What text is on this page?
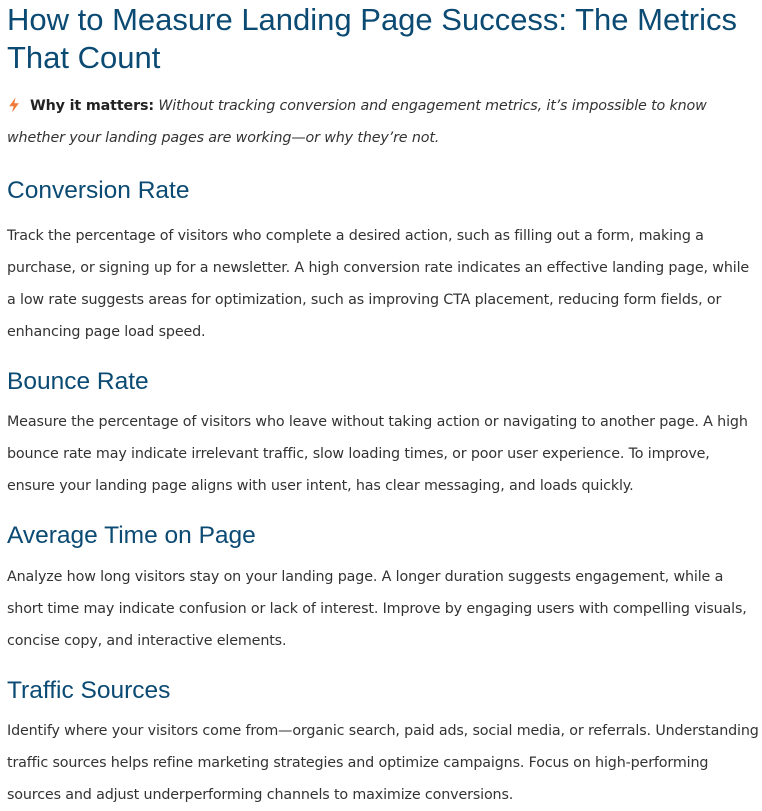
How to Measure Landing Page Success: The Metrics That Count

Why it matters: Without tracking conversion and engagement metrics, it’s impossible to know whether your landing pages are working—or why they’re not.

Conversion Rate

Track the percentage of visitors who complete a desired action, such as filling out a form, making a purchase, or signing up for a newsletter. A high conversion rate indicates an effective landing page, while a low rate suggests areas for optimization, such as improving CTA placement, reducing form fields, or enhancing page load speed.

Bounce Rate

Measure the percentage of visitors who leave without taking action or navigating to another page. A high bounce rate may indicate irrelevant traffic, slow loading times, or poor user experience. To improve, ensure your landing page aligns with user intent, has clear messaging, and loads quickly.

Average Time on Page

Analyze how long visitors stay on your landing page. A longer duration suggests engagement, while a short time may indicate confusion or lack of interest. Improve by engaging users with compelling visuals, concise copy, and interactive elements.

Traffic Sources

Identify where your visitors come from—organic search, paid ads, social media, or referrals. Understanding traffic sources helps refine marketing strategies and optimize campaigns. Focus on high-performing sources and adjust underperforming channels to maximize conversions.
